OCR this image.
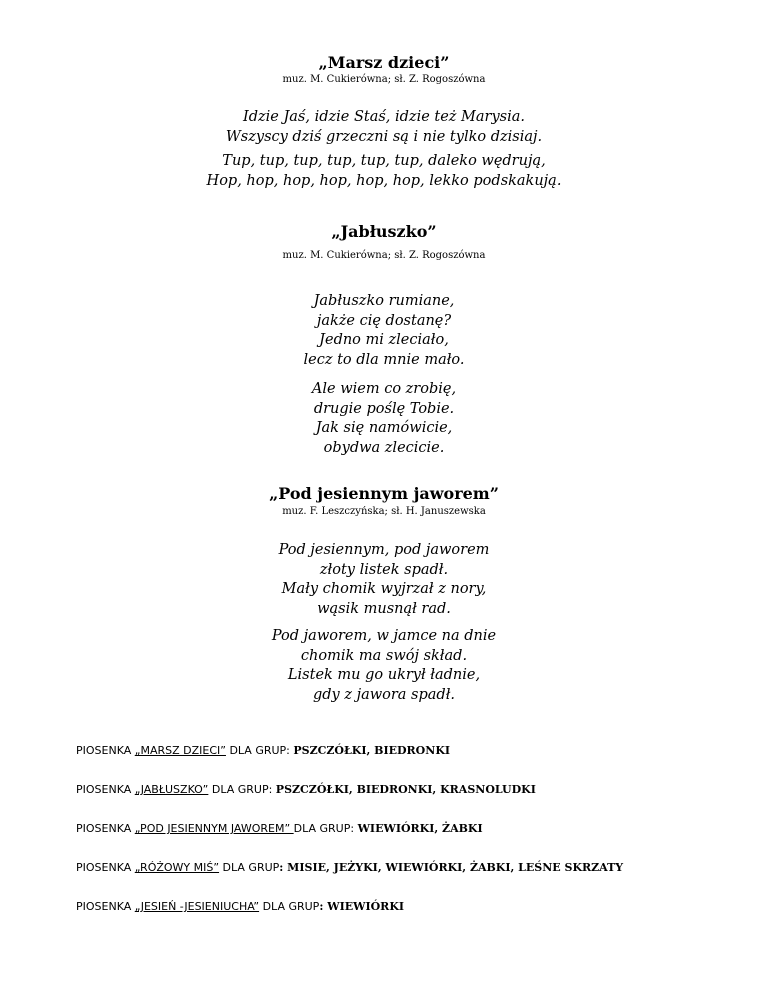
„Marsz dzieci”
muz. M. Cukierówna; sł. Z. Rogoszówna
Idzie Jaś, idzie Staś, idzie też Marysia.
Wszyscy dziś grzeczni są i nie tylko dzisiaj.
Tup, tup, tup, tup, tup, tup, daleko wędrują,
Hop, hop, hop, hop, hop, hop, lekko podskakują.
„Jabłuszko”
muz. M. Cukierówna; sł. Z. Rogoszówna
Jabłuszko rumiane,
jakże cię dostanę?
Jedno mi zleciało,
lecz to dla mnie mało.
Ale wiem co zrobię,
drugie poślę Tobie.
Jak się namówicie,
obydwa zlecicie.
„Pod jesiennym jaworem”
muz. F. Leszczyńska; sł. H. Januszewska
Pod jesiennym, pod jaworem
złoty listek spadł.
Mały chomik wyjrzał z nory,
wąsik musnął rad.
Pod jaworem, w jamce na dnie
chomik ma swój skład.
Listek mu go ukrył ładnie,
gdy z jawora spadł.
PIOSENKA „MARSZ DZIECI” DLA GRUP: PSZCZÓŁKI, BIEDRONKI
PIOSENKA „JABŁUSZKO” DLA GRUP: PSZCZÓŁKI, BIEDRONKI, KRASNOLUDKI
PIOSENKA „POD JESIENNYM JAWOREM” DLA GRUP: WIEWIÓRKI, ŻABKI
PIOSENKA „RÓŻOWY MIŚ” DLA GRUP: MISIE, JEŻYKI, WIEWIÓRKI, ŻABKI, LEŚNE SKRZATY
PIOSENKA „JESIEŃ -JESIENIUCHA” DLA GRUP: WIEWIÓRKI
